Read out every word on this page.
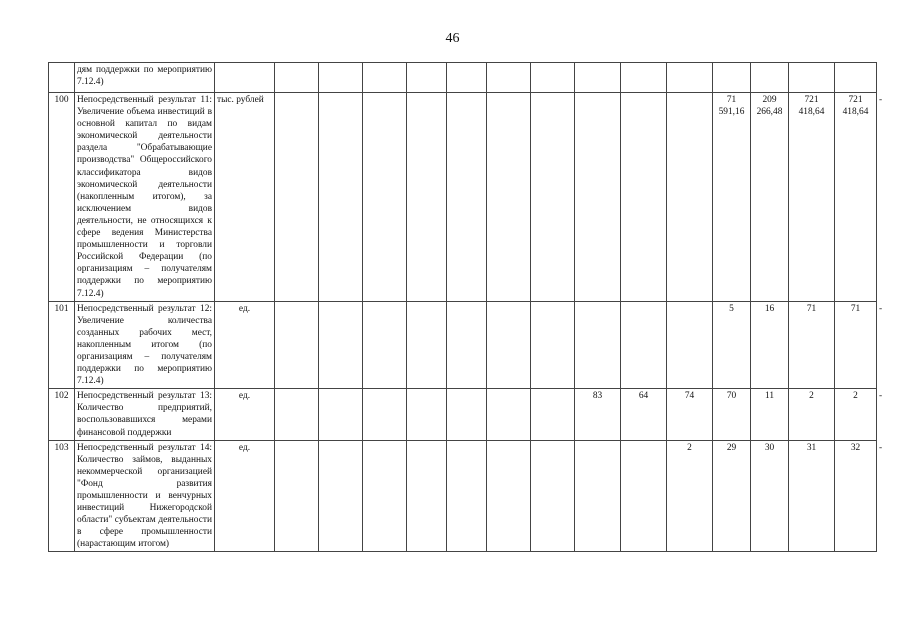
46
	дям поддержки по мероприятию 7.12.4)																
100	Непосредственный результат 11: Увеличение объема инвестиций в основной капитал по видам экономической деятельности раздела "Обрабатывающие производства" Общероссийского классификатора видов экономической деятельности (накопленным итогом), за исключением видов деятельности, не относящихся к сфере ведения Министерства промышленности и торговли Российской Федерации (по организациям – получателям поддержки по мероприятию 7.12.4)	тыс. рублей											71 591,16	209 266,48	721 418,64	721 418,64	-
101	Непосредственный результат 12: Увеличение количества созданных рабочих мест, накопленным итогом (по организациям – получателям поддержки по мероприятию 7.12.4)	ед.											5	16	71	71	-
102	Непосредственный результат 13: Количество предприятий, воспользовавшихся мерами финансовой поддержки	ед.								83	64	74	70	11	2	2	-
103	Непосредственный результат 14: Количество займов, выданных некоммерческой организацией "Фонд развития промышленности и венчурных инвестиций Нижегородской области" субъектам деятельности в сфере промышленности (нарастающим итогом)	ед.										2	29	30	31	32	-
